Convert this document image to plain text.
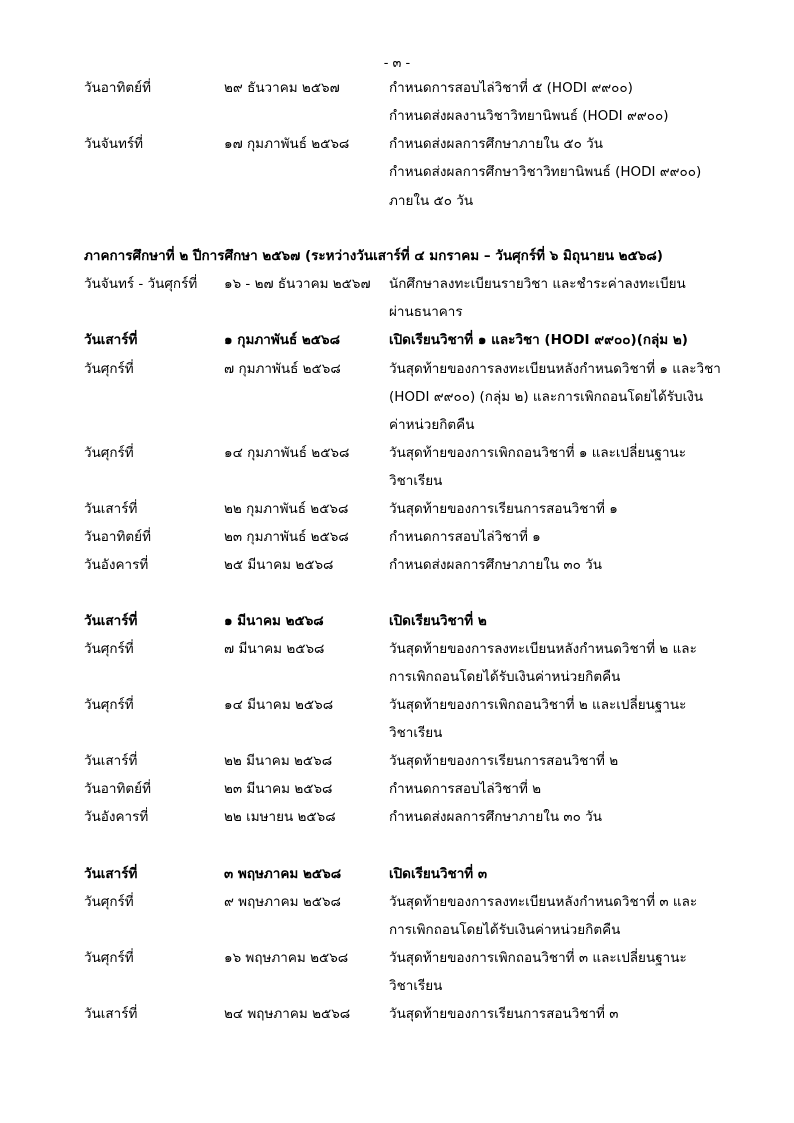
- ๓ -
ภาคการศึกษาที่ ๒ ปีการศึกษา ๒๕๖๗ (ระหว่างวันเสาร์ที่ ๔ มกราคม – วันศุกร์ที่ ๖ มิถุนายน ๒๕๖๘)
วันอาทิตย์ที่	๒๙ ธันวาคม ๒๕๖๗	กำหนดการสอบไล่วิชาที่ ๕ (HODI ๙๙๐๐)
กำหนดส่งผลงานวิชาวิทยานิพนธ์ (HODI ๙๙๐๐)
วันจันทร์ที่	๑๗ กุมภาพันธ์ ๒๕๖๘	กำหนดส่งผลการศึกษาภายใน ๕๐ วัน
กำหนดส่งผลการศึกษาวิชาวิทยานิพนธ์ (HODI ๙๙๐๐)
ภายใน ๕๐ วัน
วันจันทร์ - วันศุกร์ที่	๑๖ - ๒๗ ธันวาคม ๒๕๖๗	นักศึกษาลงทะเบียนรายวิชา และชำระค่าลงทะเบียน
ผ่านธนาคาร
วันเสาร์ที่	๑ กุมภาพันธ์ ๒๕๖๘	เปิดเรียนวิชาที่ ๑ และวิชา (HODI ๙๙๐๐)(กลุ่ม ๒)
วันศุกร์ที่	๗ กุมภาพันธ์ ๒๕๖๘	วันสุดท้ายของการลงทะเบียนหลังกำหนดวิชาที่ ๑ และวิชา
(HODI ๙๙๐๐) (กลุ่ม ๒) และการเพิกถอนโดยได้รับเงิน
ค่าหน่วยกิตคืน
วันศุกร์ที่	๑๔ กุมภาพันธ์ ๒๕๖๘	วันสุดท้ายของการเพิกถอนวิชาที่ ๑ และเปลี่ยนฐานะ
วิชาเรียน
วันเสาร์ที่	๒๒ กุมภาพันธ์ ๒๕๖๘	วันสุดท้ายของการเรียนการสอนวิชาที่ ๑
วันอาทิตย์ที่	๒๓ กุมภาพันธ์ ๒๕๖๘	กำหนดการสอบไล่วิชาที่ ๑
วันอังคารที่	๒๕ มีนาคม ๒๕๖๘	กำหนดส่งผลการศึกษาภายใน ๓๐ วัน
วันเสาร์ที่	๑ มีนาคม ๒๕๖๘	เปิดเรียนวิชาที่ ๒
วันศุกร์ที่	๗ มีนาคม ๒๕๖๘	วันสุดท้ายของการลงทะเบียนหลังกำหนดวิชาที่ ๒ และ
การเพิกถอนโดยได้รับเงินค่าหน่วยกิตคืน
วันศุกร์ที่	๑๔ มีนาคม ๒๕๖๘	วันสุดท้ายของการเพิกถอนวิชาที่ ๒ และเปลี่ยนฐานะ
วิชาเรียน
วันเสาร์ที่	๒๒ มีนาคม ๒๕๖๘	วันสุดท้ายของการเรียนการสอนวิชาที่ ๒
วันอาทิตย์ที่	๒๓ มีนาคม ๒๕๖๘	กำหนดการสอบไล่วิชาที่ ๒
วันอังคารที่	๒๒ เมษายน ๒๕๖๘	กำหนดส่งผลการศึกษาภายใน ๓๐ วัน
วันเสาร์ที่	๓ พฤษภาคม ๒๕๖๘	เปิดเรียนวิชาที่ ๓
วันศุกร์ที่	๙ พฤษภาคม ๒๕๖๘	วันสุดท้ายของการลงทะเบียนหลังกำหนดวิชาที่ ๓ และ
การเพิกถอนโดยได้รับเงินค่าหน่วยกิตคืน
วันศุกร์ที่	๑๖ พฤษภาคม ๒๕๖๘	วันสุดท้ายของการเพิกถอนวิชาที่ ๓ และเปลี่ยนฐานะ
วิชาเรียน
วันเสาร์ที่	๒๔ พฤษภาคม ๒๕๖๘	วันสุดท้ายของการเรียนการสอนวิชาที่ ๓
